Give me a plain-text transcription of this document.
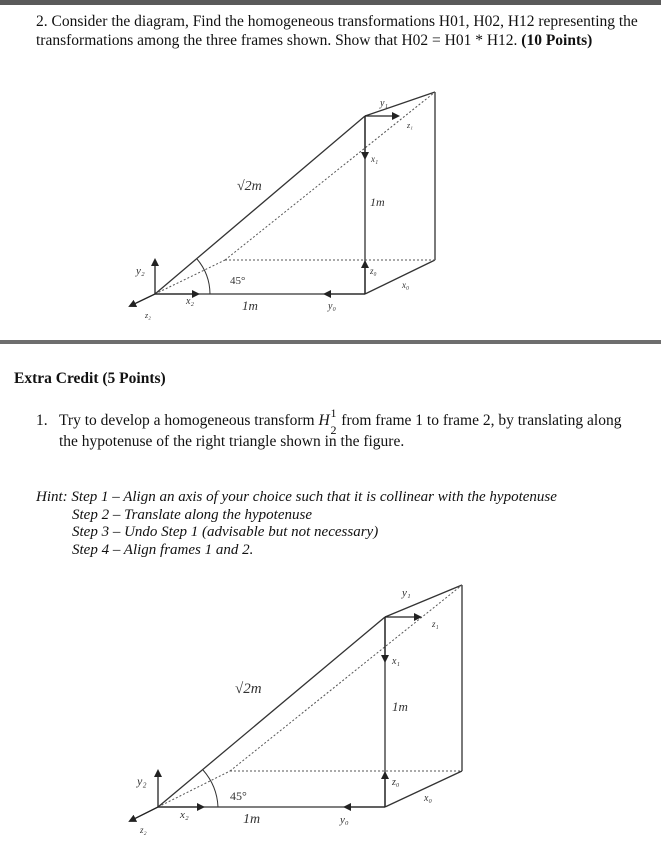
2. Consider the diagram, Find the homogeneous transformations H01, H02, H12 representing the transformations among the three frames shown. Show that H02 = H01 * H12. (10 Points)
√2m
1m
1m
45°
y₁
z₁
x₁
z₀
x₀
y₀
y₂
x₂
z₂
Extra Credit (5 Points)
1. Try to develop a homogeneous transform H 1
2
from frame 1 to frame 2, by translating along
the hypotenuse of the right triangle shown in the figure.
Hint: Step 1 – Align an axis of your choice such that it is collinear with the hypotenuse
Step 2 – Translate along the hypotenuse
Step 3 – Undo Step 1 (advisable but not necessary)
Step 4 – Align frames 1 and 2.
√2m
1m
1m
45°
y₁
z₁
x₁
z₀
x₀
y₀
y₂
x₂
z₂
